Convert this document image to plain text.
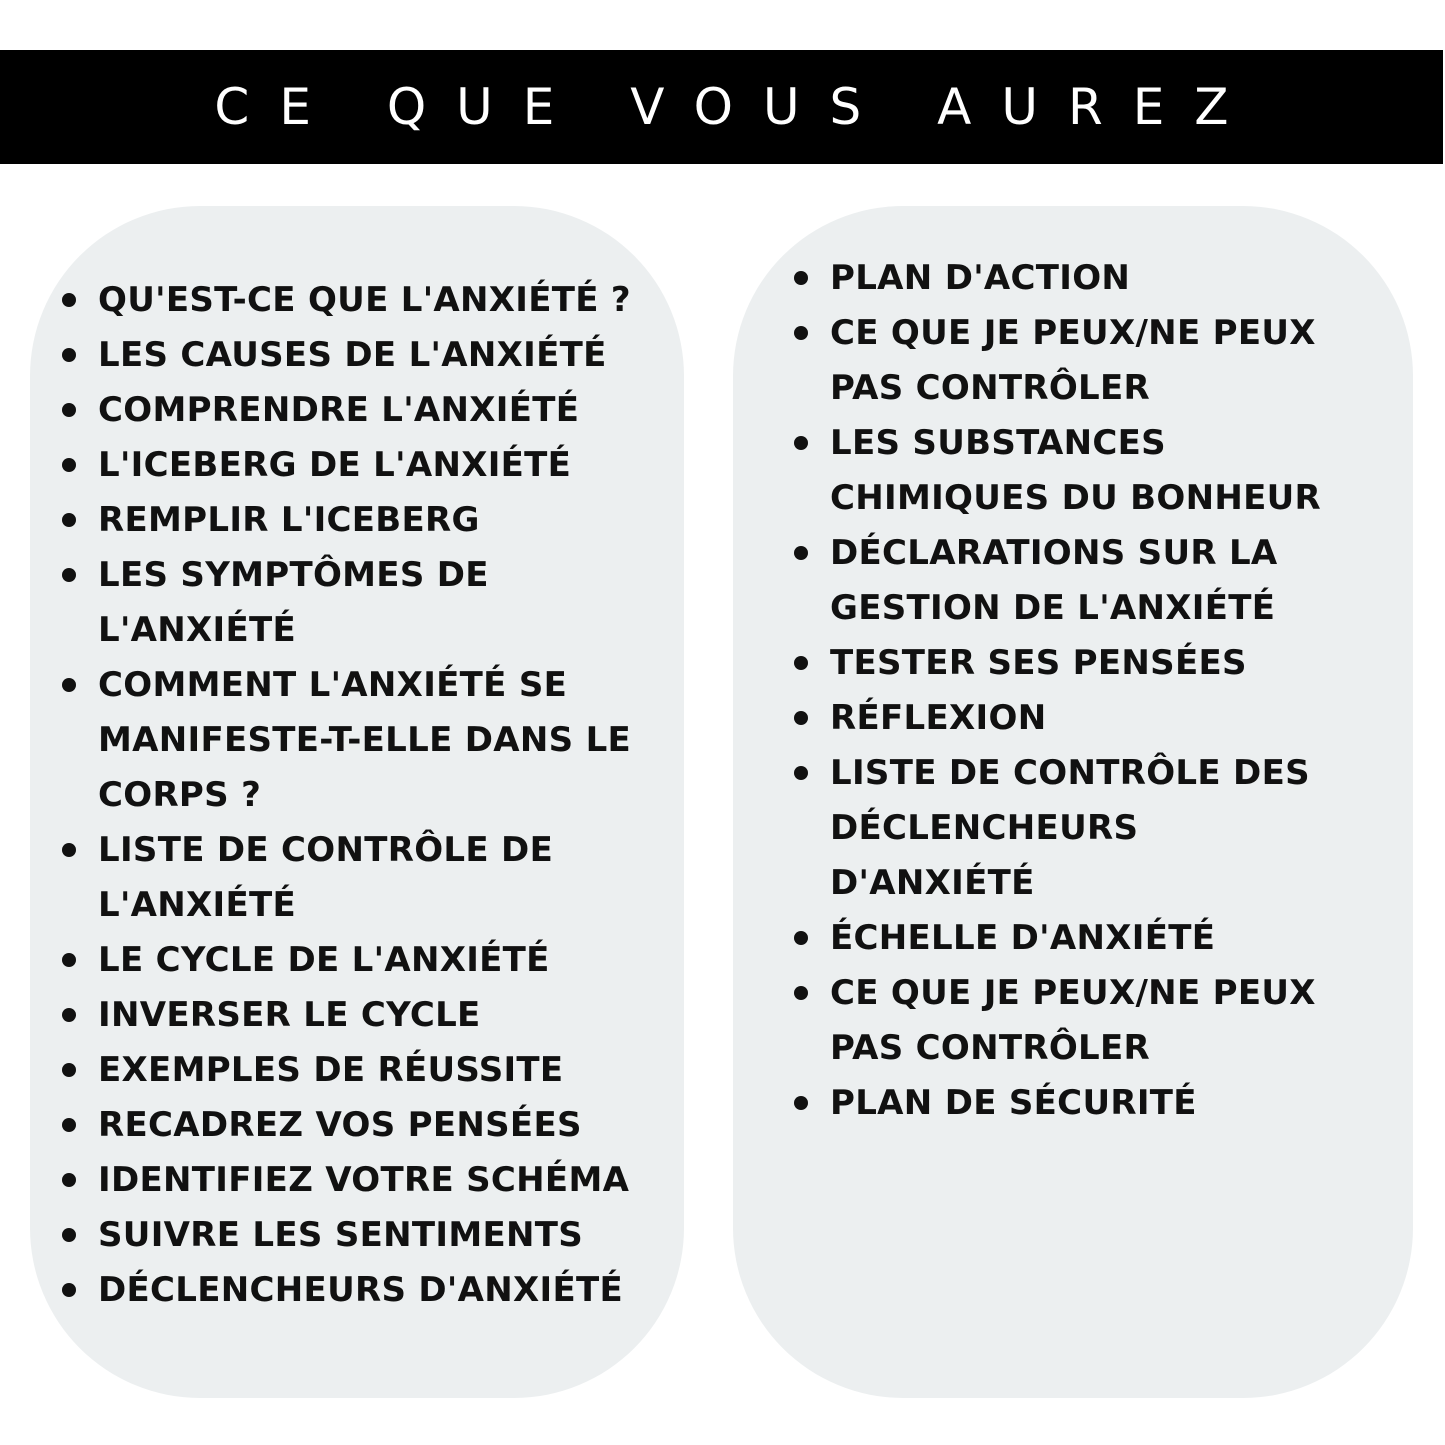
CE QUE VOUS AUREZ
QU'EST-CE QUE L'ANXIÉTÉ ?
LES CAUSES DE L'ANXIÉTÉ
COMPRENDRE L'ANXIÉTÉ
L'ICEBERG DE L'ANXIÉTÉ
REMPLIR L'ICEBERG
LES SYMPTÔMES DE
L'ANXIÉTÉ
COMMENT L'ANXIÉTÉ SE
MANIFESTE-T-ELLE DANS LE
CORPS ?
LISTE DE CONTRÔLE DE
L'ANXIÉTÉ
LE CYCLE DE L'ANXIÉTÉ
INVERSER LE CYCLE
EXEMPLES DE RÉUSSITE
RECADREZ VOS PENSÉES
IDENTIFIEZ VOTRE SCHÉMA
SUIVRE LES SENTIMENTS
DÉCLENCHEURS D'ANXIÉTÉ
PLAN D'ACTION
CE QUE JE PEUX/NE PEUX
PAS CONTRÔLER
LES SUBSTANCES
CHIMIQUES DU BONHEUR
DÉCLARATIONS SUR LA
GESTION DE L'ANXIÉTÉ
TESTER SES PENSÉES
RÉFLEXION
LISTE DE CONTRÔLE DES
DÉCLENCHEURS
D'ANXIÉTÉ
ÉCHELLE D'ANXIÉTÉ
CE QUE JE PEUX/NE PEUX
PAS CONTRÔLER
PLAN DE SÉCURITÉ
